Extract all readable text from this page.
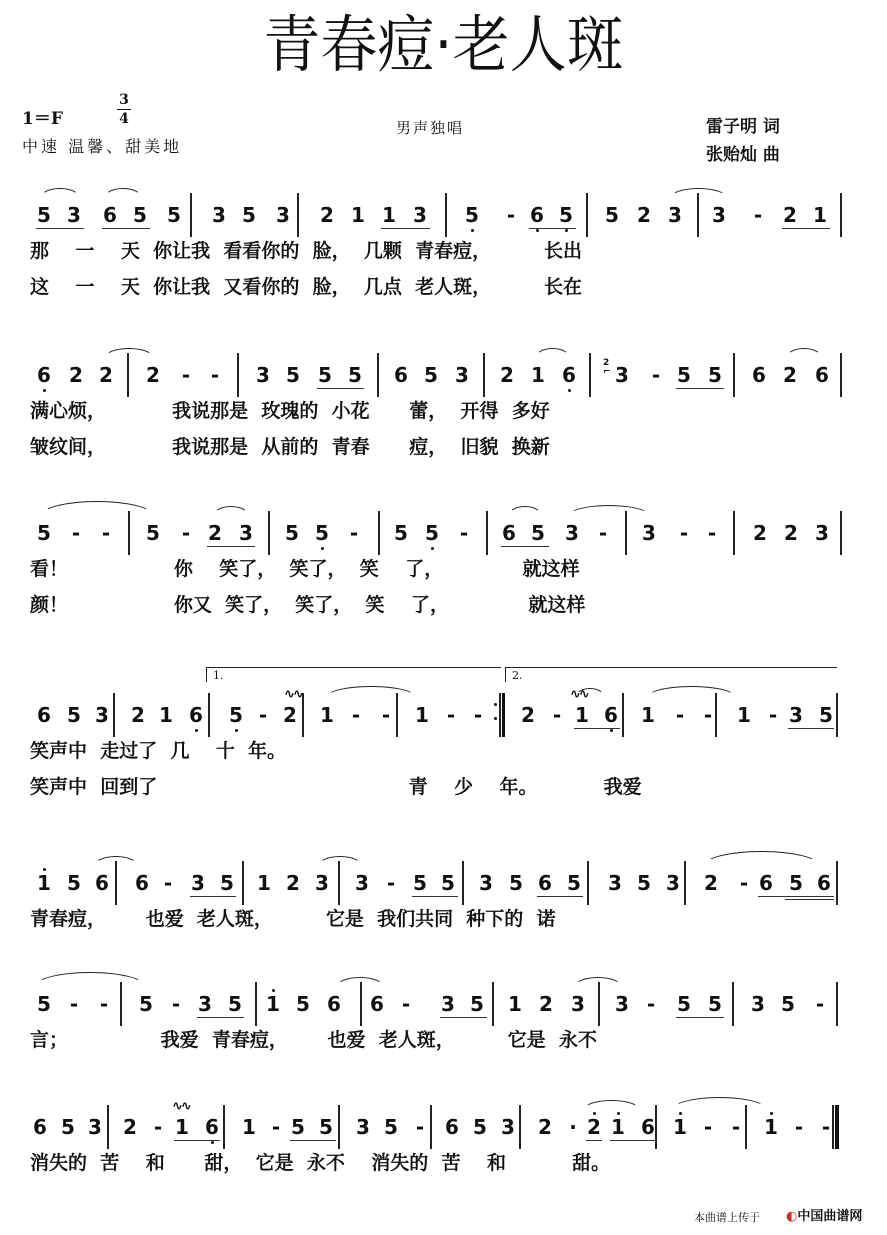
青春痘·老人斑
1＝F
3
4
中速 温馨、甜美地
男声独唱	雷子明 词
张贻灿 曲
5 3 6 5 5 3 5 3 2 1 1 3 5 - 6 5 5 2 3 3 - 2 1
那    一    天  你让我  看看你的  脸，  几颗  青春痘，        长出
这    一    天  你让我  又看你的  脸，  几点  老人斑，        长在
6 2 2 2 - - 3 5 5 5 6 5 3 2 1 6 3 - 5 5 6 2 6
2
⌐
满心烦，          我说那是  玫瑰的  小花      蕾，  开得  多好
皱纹间，          我说那是  从前的  青春      痘，  旧貌  换新
5 - - 5 - 2 3 5 5 - 5 5 - 6 5 3 - 3 - - 2 2 3
看！                你    笑了，  笑了，  笑    了，            就这样
颜！                你又  笑了，  笑了，  笑    了，            就这样
6 5 3 2 1 6 5 - 2 1 - - 1 - - 2 - 1 6 1 - - 1 - 3 5
1.	2.
∿∿	∿∿
笑声中  走过了  几    十  年。
笑声中  回到了                                      青    少    年。          我爱
1 5 6 6 - 3 5 1 2 3 3 - 5 5 3 5 6 5 3 5 3 2 - 6 5 6
青春痘，      也爱  老人斑，        它是  我们共同  种下的  诺
5 - - 5 - 3 5 1 5 6 6 - 3 5 1 2 3 3 - 5 5 3 5 -
言；              我爱  青春痘，      也爱  老人斑，        它是  永不
6 5 3 2 - 1 6 1 - 5 5 3 5 - 6 5 3 2 · 2 1 6 1 - - 1 - -
∿∿
消失的  苦    和      甜，  它是  永不    消失的  苦    和          甜。
本曲谱上传于 ◐中国曲谱网
